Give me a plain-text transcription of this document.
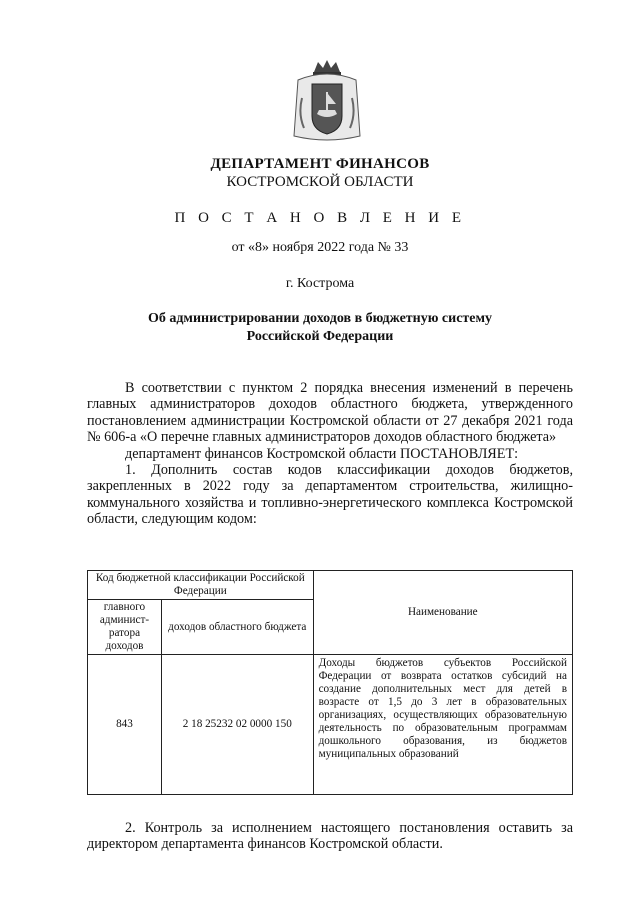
ДЕПАРТАМЕНТ ФИНАНСОВ
КОСТРОМСКОЙ ОБЛАСТИ
П О С Т А Н О В Л Е Н И Е
от «8» ноября 2022 года № 33
г. Кострома
Об администрировании доходов в бюджетную систему
Российской Федерации

В соответствии с пунктом 2 порядка внесения изменений в перечень главных администраторов доходов областного бюджета, утвержденного постановлением администрации Костромской области от 27 декабря 2021 года № 606-а «О перечне главных администраторов доходов областного бюджета»

департамент финансов Костромской области ПОСТАНОВЛЯЕТ:

1. Дополнить состав кодов классификации доходов бюджетов, закрепленных в 2022 году за департаментом строительства, жилищно-коммунального хозяйства и топливно-энергетического комплекса Костромской области, следующим кодом:

Код бюджетной классификации Российской Федерации		Наименование
главного админист-ратора доходов	доходов областного бюджета	
843	2 18 25232 02 0000 150	Доходы бюджетов субъектов Российской Федерации от возврата остатков субсидий на создание дополнительных мест для детей в возрасте от 1,5 до 3 лет в образовательных организациях, осуществляющих образовательную деятельность по образовательным программам дошкольного образования, из бюджетов муниципальных образований

2. Контроль за исполнением настоящего постановления оставить за директором департамента финансов Костромской области.
